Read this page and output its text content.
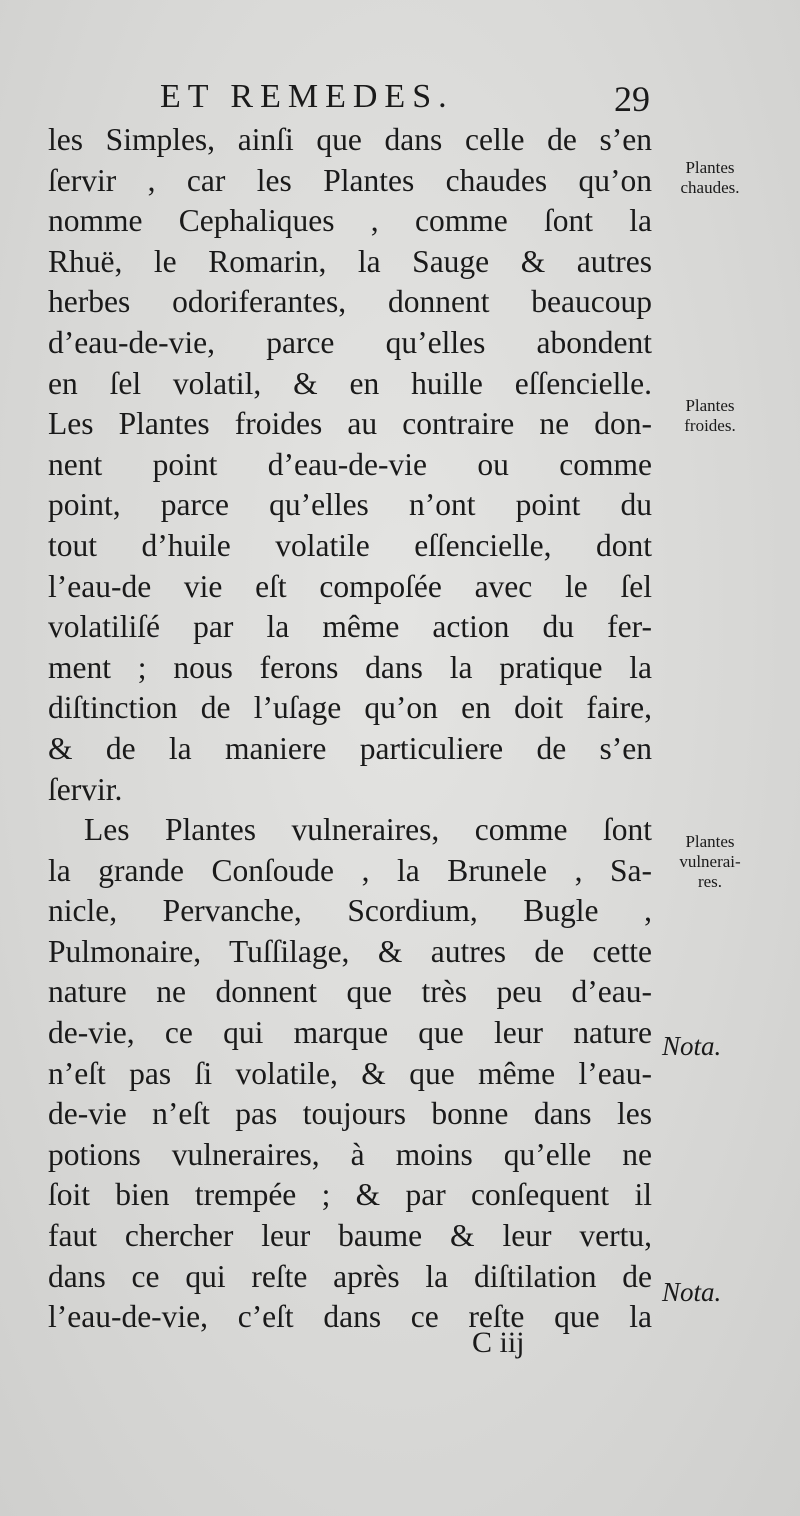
ET REMEDES.	29
les Simples, ainſi que dans celle de s’en
ſervir , car les Plantes chaudes qu’on
nomme Cephaliques , comme ſont la
Rhuë, le Romarin, la Sauge & autres
herbes odoriferantes, donnent beaucoup
d’eau-de-vie, parce qu’elles abondent
en ſel volatil, & en huille eſſencielle.
Les Plantes froides au contraire ne don-
nent point d’eau-de-vie ou comme
point, parce qu’elles n’ont point du
tout d’huile volatile eſſencielle, dont
l’eau-de vie eſt compoſée avec le ſel
volatiliſé par la même action du fer-
ment ; nous ferons dans la pratique la
diſtinction de l’uſage qu’on en doit faire,
& de la maniere particuliere de s’en
ſervir.
Les Plantes vulneraires, comme ſont
la grande Conſoude , la Brunele , Sa-
nicle, Pervanche, Scordium, Bugle ,
Pulmonaire, Tuſſilage, & autres de cette
nature ne donnent que très peu d’eau-
de-vie, ce qui marque que leur nature
n’eſt pas ſi volatile, & que même l’eau-
de-vie n’eſt pas toujours bonne dans les
potions vulneraires, à moins qu’elle ne
ſoit bien trempée ; & par conſequent il
faut chercher leur baume & leur vertu,
dans ce qui reſte après la diſtilation de
l’eau-de-vie, c’eſt dans ce reſte que la
Plantes
chaudes.
Plantes
froides.
Plantes
vulnerai-
res.
Nota.
Nota.
C iij
